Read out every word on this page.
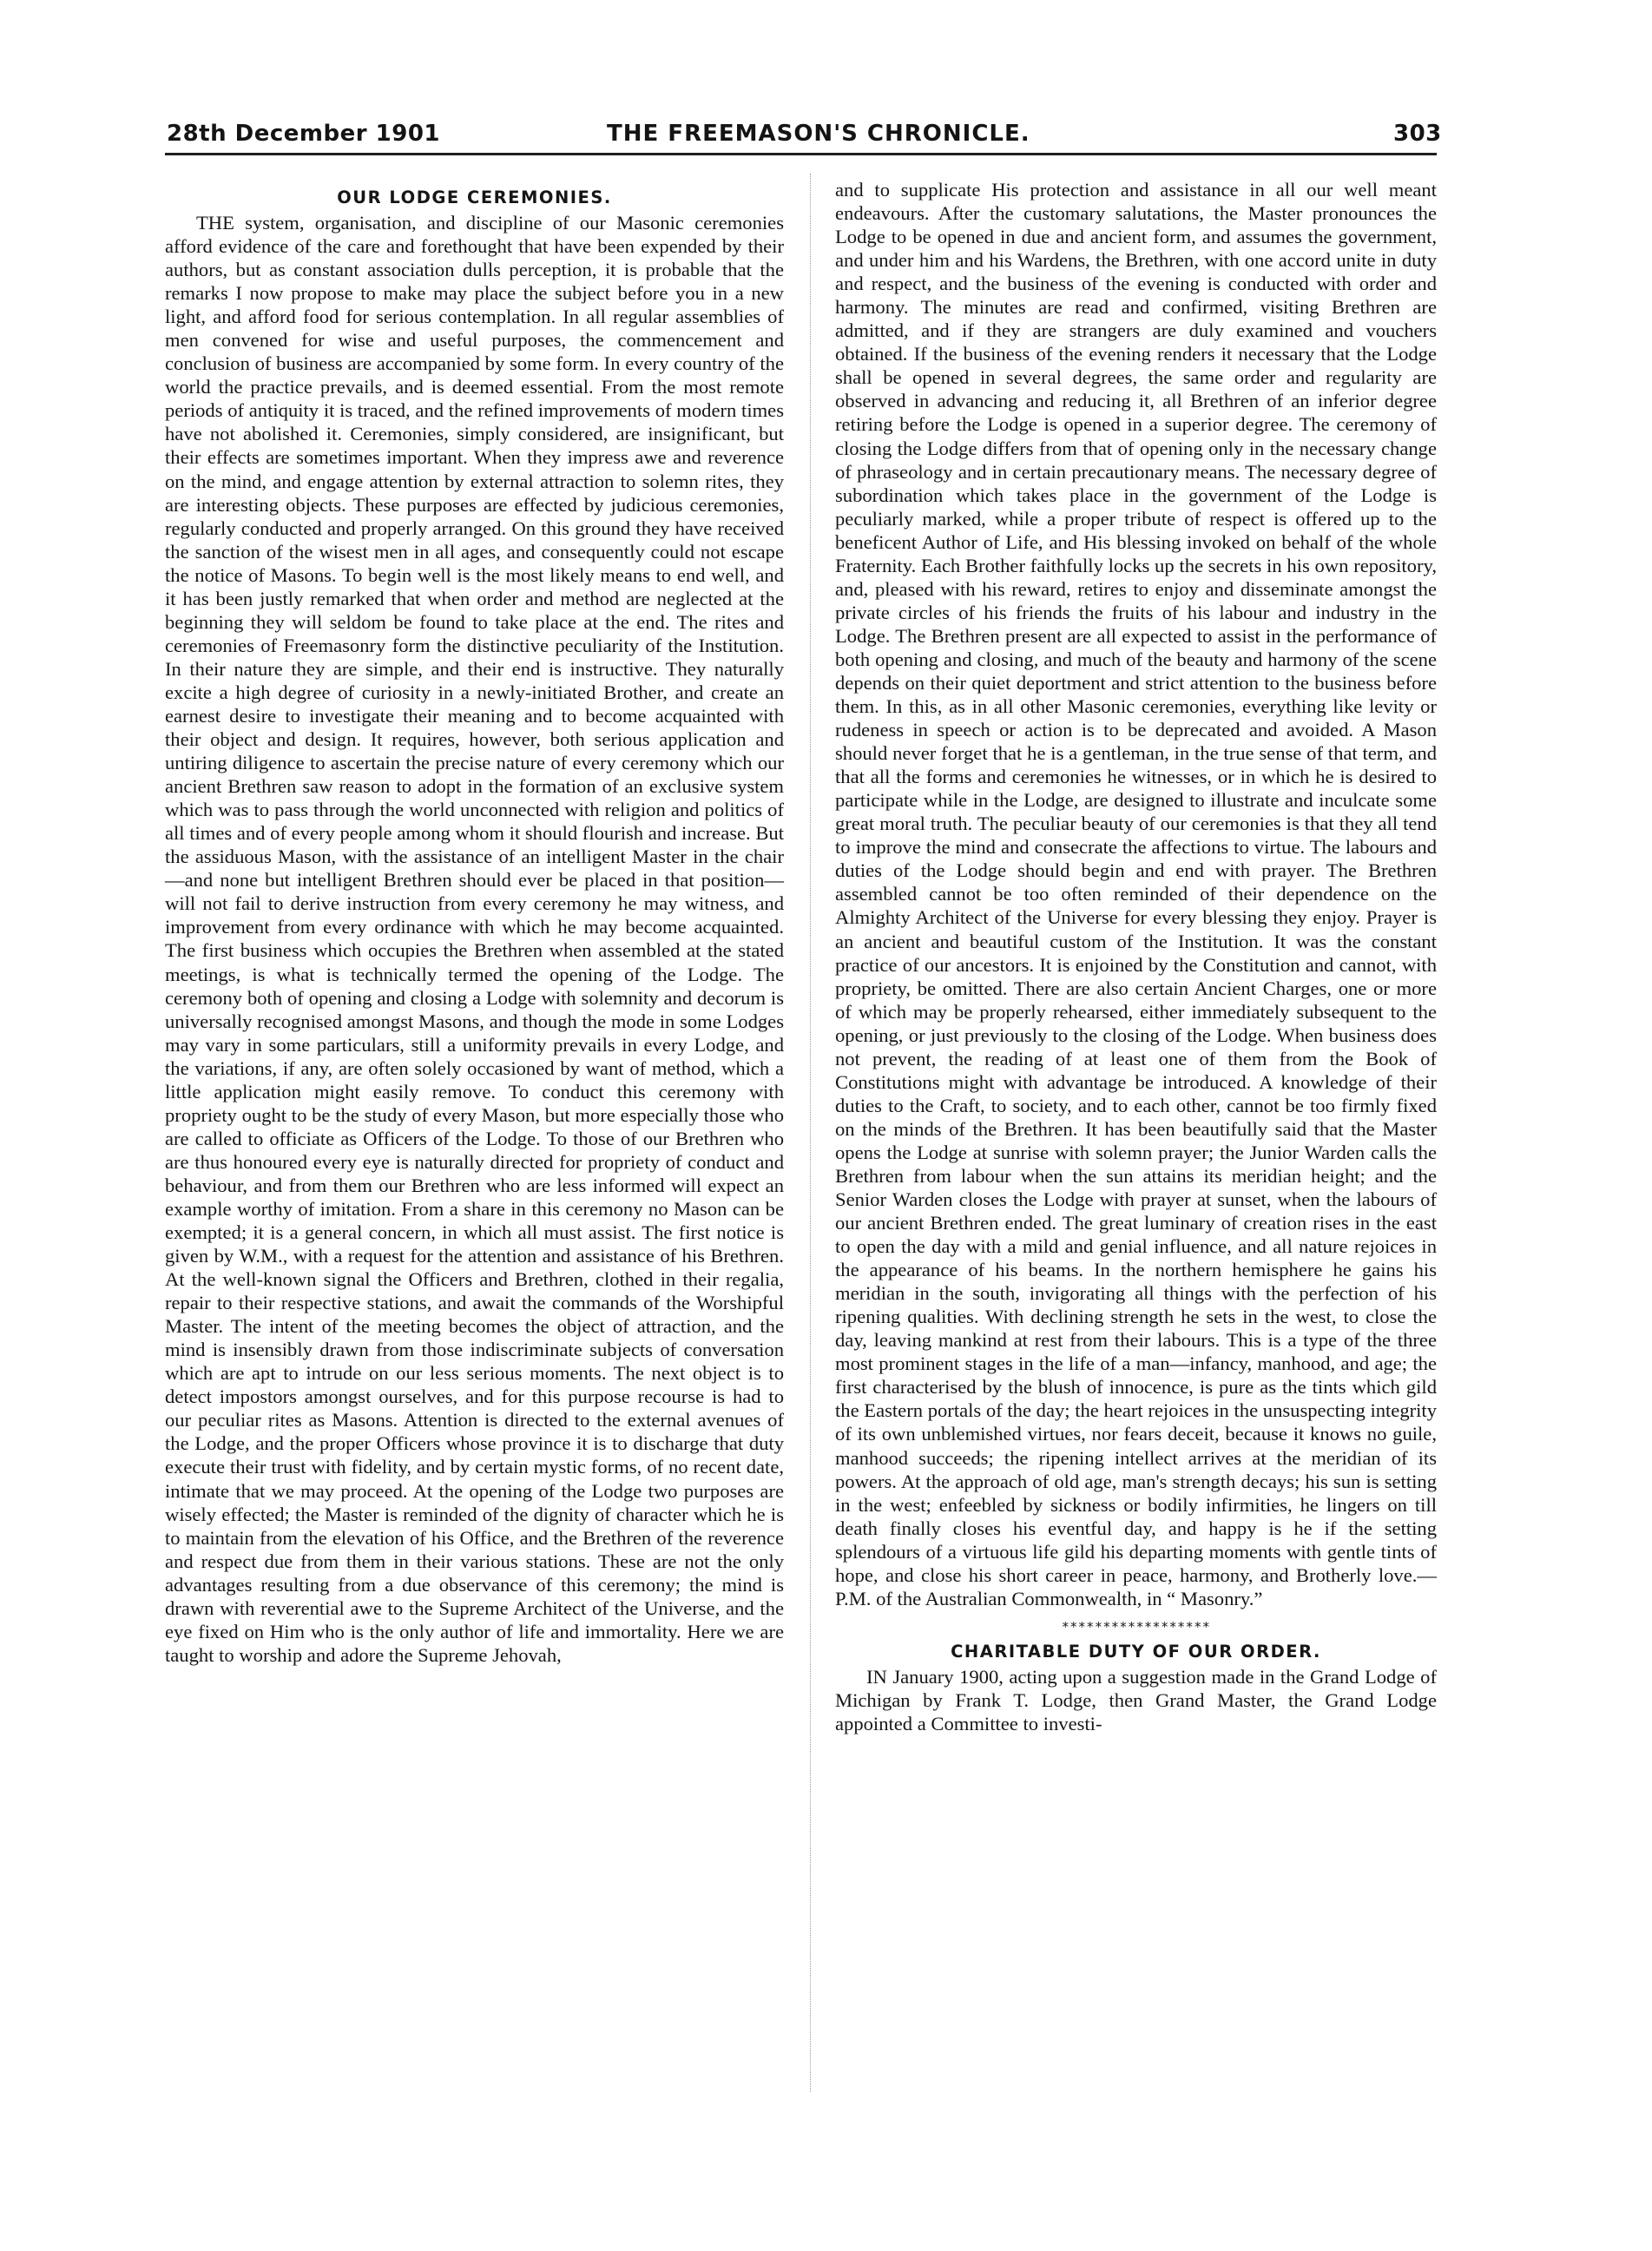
28th December 1901	THE FREEMASON'S CHRONICLE.	303
OUR LODGE CEREMONIES.

THE system, organisation, and discipline of our Masonic ceremonies afford evidence of the care and forethought that have been expended by their authors, but as constant association dulls perception, it is probable that the remarks I now propose to make may place the subject before you in a new light, and afford food for serious contemplation. In all regular assemblies of men convened for wise and useful purposes, the commencement and conclusion of business are accompanied by some form. In every country of the world the practice prevails, and is deemed essential. From the most remote periods of antiquity it is traced, and the refined improvements of modern times have not abolished it. Ceremonies, simply considered, are insignificant, but their effects are sometimes important. When they impress awe and reverence on the mind, and engage attention by external attraction to solemn rites, they are interesting objects. These purposes are effected by judicious ceremonies, regularly conducted and properly arranged. On this ground they have received the sanction of the wisest men in all ages, and consequently could not escape the notice of Masons. To begin well is the most likely means to end well, and it has been justly remarked that when order and method are neglected at the beginning they will seldom be found to take place at the end. The rites and ceremonies of Freemasonry form the distinctive peculiarity of the Institution. In their nature they are simple, and their end is instructive. They naturally excite a high degree of curiosity in a newly-initiated Brother, and create an earnest desire to investigate their meaning and to become acquainted with their object and design. It requires, however, both serious application and untiring diligence to ascertain the precise nature of every ceremony which our ancient Brethren saw reason to adopt in the formation of an exclusive system which was to pass through the world unconnected with religion and politics of all times and of every people among whom it should flourish and increase. But the assiduous Mason, with the assistance of an intelligent Master in the chair—and none but intelligent Brethren should ever be placed in that position—will not fail to derive instruction from every ceremony he may witness, and improvement from every ordinance with which he may become acquainted. The first business which occupies the Brethren when assembled at the stated meetings, is what is technically termed the opening of the Lodge. The ceremony both of opening and closing a Lodge with solemnity and decorum is universally recognised amongst Masons, and though the mode in some Lodges may vary in some particulars, still a uniformity prevails in every Lodge, and the variations, if any, are often solely occasioned by want of method, which a little application might easily remove. To conduct this ceremony with propriety ought to be the study of every Mason, but more especially those who are called to officiate as Officers of the Lodge. To those of our Brethren who are thus honoured every eye is naturally directed for propriety of conduct and behaviour, and from them our Brethren who are less informed will expect an example worthy of imitation. From a share in this ceremony no Mason can be exempted; it is a general concern, in which all must assist. The first notice is given by W.M., with a request for the attention and assistance of his Brethren. At the well-known signal the Officers and Brethren, clothed in their regalia, repair to their respective stations, and await the commands of the Worshipful Master. The intent of the meeting becomes the object of attraction, and the mind is insensibly drawn from those indiscriminate subjects of conversation which are apt to intrude on our less serious moments. The next object is to detect impostors amongst ourselves, and for this purpose recourse is had to our peculiar rites as Masons. Attention is directed to the external avenues of the Lodge, and the proper Officers whose province it is to discharge that duty execute their trust with fidelity, and by certain mystic forms, of no recent date, intimate that we may proceed. At the opening of the Lodge two purposes are wisely effected; the Master is reminded of the dignity of character which he is to maintain from the elevation of his Office, and the Brethren of the reverence and respect due from them in their various stations. These are not the only advantages resulting from a due observance of this ceremony; the mind is drawn with reverential awe to the Supreme Architect of the Universe, and the eye fixed on Him who is the only author of life and immortality. Here we are taught to worship and adore the Supreme Jehovah,

and to supplicate His protection and assistance in all our well meant endeavours. After the customary salutations, the Master pronounces the Lodge to be opened in due and ancient form, and assumes the government, and under him and his Wardens, the Brethren, with one accord unite in duty and respect, and the business of the evening is conducted with order and harmony. The minutes are read and confirmed, visiting Brethren are admitted, and if they are strangers are duly examined and vouchers obtained. If the business of the evening renders it necessary that the Lodge shall be opened in several degrees, the same order and regularity are observed in advancing and reducing it, all Brethren of an inferior degree retiring before the Lodge is opened in a superior degree. The ceremony of closing the Lodge differs from that of opening only in the necessary change of phraseology and in certain precautionary means. The necessary degree of subordination which takes place in the government of the Lodge is peculiarly marked, while a proper tribute of respect is offered up to the beneficent Author of Life, and His blessing invoked on behalf of the whole Fraternity. Each Brother faithfully locks up the secrets in his own repository, and, pleased with his reward, retires to enjoy and disseminate amongst the private circles of his friends the fruits of his labour and industry in the Lodge. The Brethren present are all expected to assist in the performance of both opening and closing, and much of the beauty and harmony of the scene depends on their quiet deportment and strict attention to the business before them. In this, as in all other Masonic ceremonies, everything like levity or rudeness in speech or action is to be deprecated and avoided. A Mason should never forget that he is a gentleman, in the true sense of that term, and that all the forms and ceremonies he witnesses, or in which he is desired to participate while in the Lodge, are designed to illustrate and inculcate some great moral truth. The peculiar beauty of our ceremonies is that they all tend to improve the mind and consecrate the affections to virtue. The labours and duties of the Lodge should begin and end with prayer. The Brethren assembled cannot be too often reminded of their dependence on the Almighty Architect of the Universe for every blessing they enjoy. Prayer is an ancient and beautiful custom of the Institution. It was the constant practice of our ancestors. It is enjoined by the Constitution and cannot, with propriety, be omitted. There are also certain Ancient Charges, one or more of which may be properly rehearsed, either immediately subsequent to the opening, or just previously to the closing of the Lodge. When business does not prevent, the reading of at least one of them from the Book of Constitutions might with advantage be introduced. A knowledge of their duties to the Craft, to society, and to each other, cannot be too firmly fixed on the minds of the Brethren. It has been beautifully said that the Master opens the Lodge at sunrise with solemn prayer; the Junior Warden calls the Brethren from labour when the sun attains its meridian height; and the Senior Warden closes the Lodge with prayer at sunset, when the labours of our ancient Brethren ended. The great luminary of creation rises in the east to open the day with a mild and genial influence, and all nature rejoices in the appearance of his beams. In the northern hemisphere he gains his meridian in the south, invigorating all things with the perfection of his ripening qualities. With declining strength he sets in the west, to close the day, leaving mankind at rest from their labours. This is a type of the three most prominent stages in the life of a man—infancy, manhood, and age; the first characterised by the blush of innocence, is pure as the tints which gild the Eastern portals of the day; the heart rejoices in the unsuspecting integrity of its own unblemished virtues, nor fears deceit, because it knows no guile, manhood succeeds; the ripening intellect arrives at the meridian of its powers. At the approach of old age, man's strength decays; his sun is setting in the west; enfeebled by sickness or bodily infirmities, he lingers on till death finally closes his eventful day, and happy is he if the setting splendours of a virtuous life gild his departing moments with gentle tints of hope, and close his short career in peace, harmony, and Brotherly love.—P.M. of the Australian Commonwealth, in “ Masonry.”

******************
CHARITABLE DUTY OF OUR ORDER.

IN January 1900, acting upon a suggestion made in the Grand Lodge of Michigan by Frank T. Lodge, then Grand Master, the Grand Lodge appointed a Committee to investi-
